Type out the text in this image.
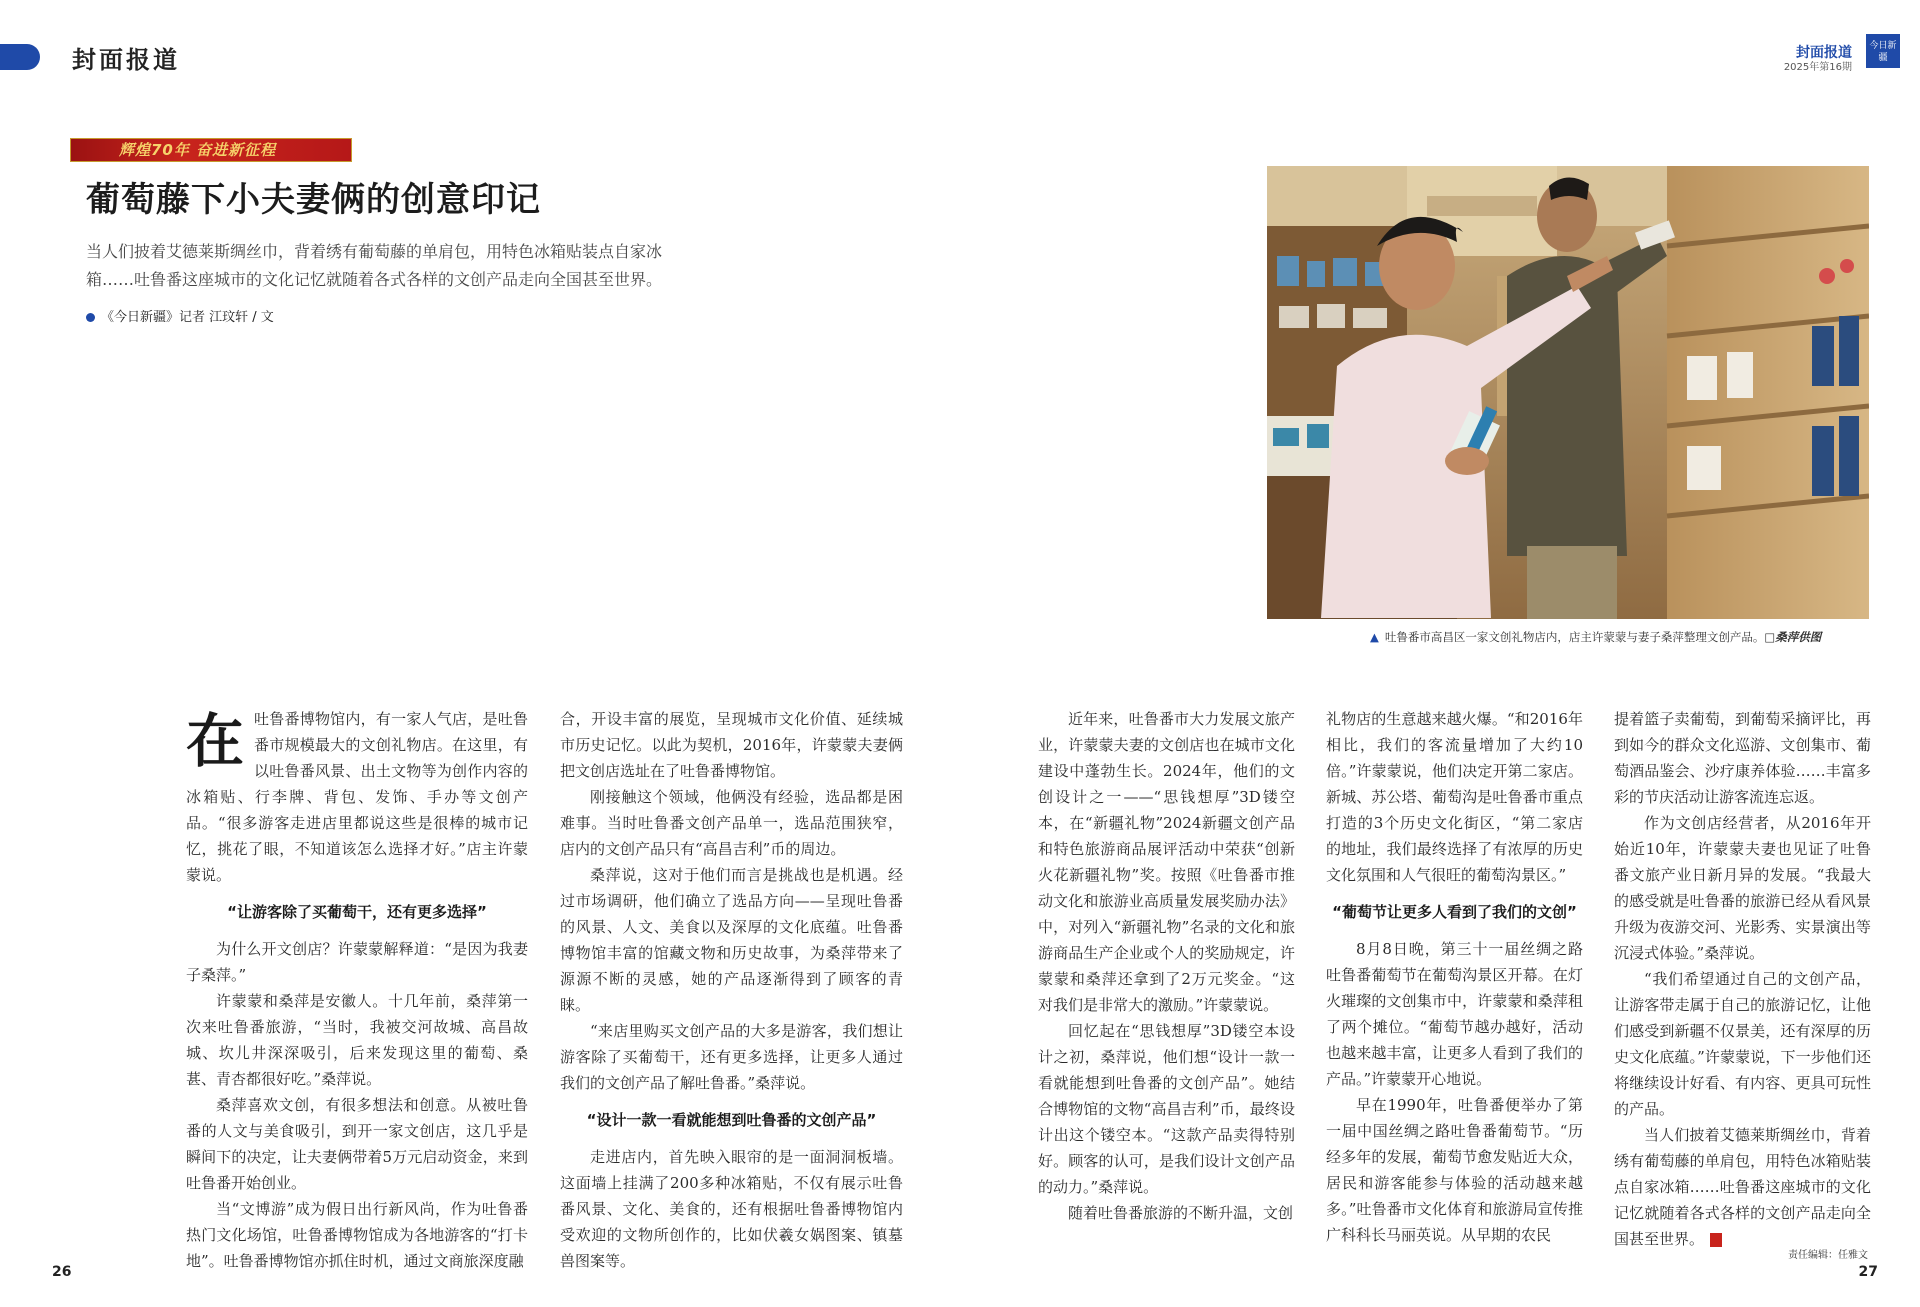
封面报道	封面报道
2025年第16期
今日新疆
辉煌70年 奋进新征程
葡萄藤下小夫妻俩的创意印记
当人们披着艾德莱斯绸丝巾，背着绣有葡萄藤的单肩包，用特色冰箱贴装点自家冰箱……吐鲁番这座城市的文化记忆就随着各式各样的文创产品走向全国甚至世界。
《今日新疆》记者 江玟轩 / 文
▲ 吐鲁番市高昌区一家文创礼物店内，店主许蒙蒙与妻子桑萍整理文创产品。□桑萍供图
在 吐鲁番博物馆内，有一家人气店，是吐鲁番市规模最大的文创礼物店。在这里，有以吐鲁番风景、出土文物等为创作内容的冰箱贴、行李牌、背包、发饰、手办等文创产品。“很多游客走进店里都说这些是很棒的城市记忆，挑花了眼，不知道该怎么选择才好。”店主许蒙蒙说。

“让游客除了买葡萄干，还有更多选择”

为什么开文创店？许蒙蒙解释道：“是因为我妻子桑萍。”

许蒙蒙和桑萍是安徽人。十几年前，桑萍第一次来吐鲁番旅游，“当时，我被交河故城、高昌故城、坎儿井深深吸引，后来发现这里的葡萄、桑葚、青杏都很好吃。”桑萍说。

桑萍喜欢文创，有很多想法和创意。从被吐鲁番的人文与美食吸引，到开一家文创店，这几乎是瞬间下的决定，让夫妻俩带着5万元启动资金，来到吐鲁番开始创业。

当“文博游”成为假日出行新风尚，作为吐鲁番热门文化场馆，吐鲁番博物馆成为各地游客的“打卡地”。吐鲁番博物馆亦抓住时机，通过文商旅深度融

合，开设丰富的展览，呈现城市文化价值、延续城市历史记忆。以此为契机，2016年，许蒙蒙夫妻俩把文创店选址在了吐鲁番博物馆。

刚接触这个领域，他俩没有经验，选品都是困难事。当时吐鲁番文创产品单一，选品范围狭窄，店内的文创产品只有“高昌吉利”币的周边。

桑萍说，这对于他们而言是挑战也是机遇。经过市场调研，他们确立了选品方向——呈现吐鲁番的风景、人文、美食以及深厚的文化底蕴。吐鲁番博物馆丰富的馆藏文物和历史故事，为桑萍带来了源源不断的灵感，她的产品逐渐得到了顾客的青睐。

“来店里购买文创产品的大多是游客，我们想让游客除了买葡萄干，还有更多选择，让更多人通过我们的文创产品了解吐鲁番。”桑萍说。

“设计一款一看就能想到吐鲁番的文创产品”

走进店内，首先映入眼帘的是一面洞洞板墙。这面墙上挂满了200多种冰箱贴，不仅有展示吐鲁番风景、文化、美食的，还有根据吐鲁番博物馆内受欢迎的文物所创作的，比如伏羲女娲图案、镇墓兽图案等。

近年来，吐鲁番市大力发展文旅产业，许蒙蒙夫妻的文创店也在城市文化建设中蓬勃生长。2024年，他们的文创设计之一——“思钱想厚”3D镂空本，在“新疆礼物”2024新疆文创产品和特色旅游商品展评活动中荣获“创新火花新疆礼物”奖。按照《吐鲁番市推动文化和旅游业高质量发展奖励办法》中，对列入“新疆礼物”名录的文化和旅游商品生产企业或个人的奖励规定，许蒙蒙和桑萍还拿到了2万元奖金。“这对我们是非常大的激励。”许蒙蒙说。

回忆起在“思钱想厚”3D镂空本设计之初，桑萍说，他们想“设计一款一看就能想到吐鲁番的文创产品”。她结合博物馆的文物“高昌吉利”币，最终设计出这个镂空本。“这款产品卖得特别好。顾客的认可，是我们设计文创产品的动力。”桑萍说。

随着吐鲁番旅游的不断升温，文创

礼物店的生意越来越火爆。“和2016年相比，我们的客流量增加了大约10倍。”许蒙蒙说，他们决定开第二家店。新城、苏公塔、葡萄沟是吐鲁番市重点打造的3个历史文化街区，“第二家店的地址，我们最终选择了有浓厚的历史文化氛围和人气很旺的葡萄沟景区。”

“葡萄节让更多人看到了我们的文创”

8月8日晚，第三十一届丝绸之路吐鲁番葡萄节在葡萄沟景区开幕。在灯火璀璨的文创集市中，许蒙蒙和桑萍租了两个摊位。“葡萄节越办越好，活动也越来越丰富，让更多人看到了我们的产品。”许蒙蒙开心地说。

早在1990年，吐鲁番便举办了第一届中国丝绸之路吐鲁番葡萄节。“历经多年的发展，葡萄节愈发贴近大众，居民和游客能参与体验的活动越来越多。”吐鲁番市文化体育和旅游局宣传推广科科长马丽英说。从早期的农民

提着篮子卖葡萄，到葡萄采摘评比，再到如今的群众文化巡游、文创集市、葡萄酒品鉴会、沙疗康养体验……丰富多彩的节庆活动让游客流连忘返。

作为文创店经营者，从2016年开始近10年，许蒙蒙夫妻也见证了吐鲁番文旅产业日新月异的发展。“我最大的感受就是吐鲁番的旅游已经从看风景升级为夜游交河、光影秀、实景演出等沉浸式体验。”桑萍说。

“我们希望通过自己的文创产品，让游客带走属于自己的旅游记忆，让他们感受到新疆不仅景美，还有深厚的历史文化底蕴。”许蒙蒙说，下一步他们还将继续设计好看、有内容、更具可玩性的产品。

当人们披着艾德莱斯绸丝巾，背着绣有葡萄藤的单肩包，用特色冰箱贴装点自家冰箱……吐鲁番这座城市的文化记忆就随着各式各样的文创产品走向全国甚至世界。

26
责任编辑：任雅文
27
